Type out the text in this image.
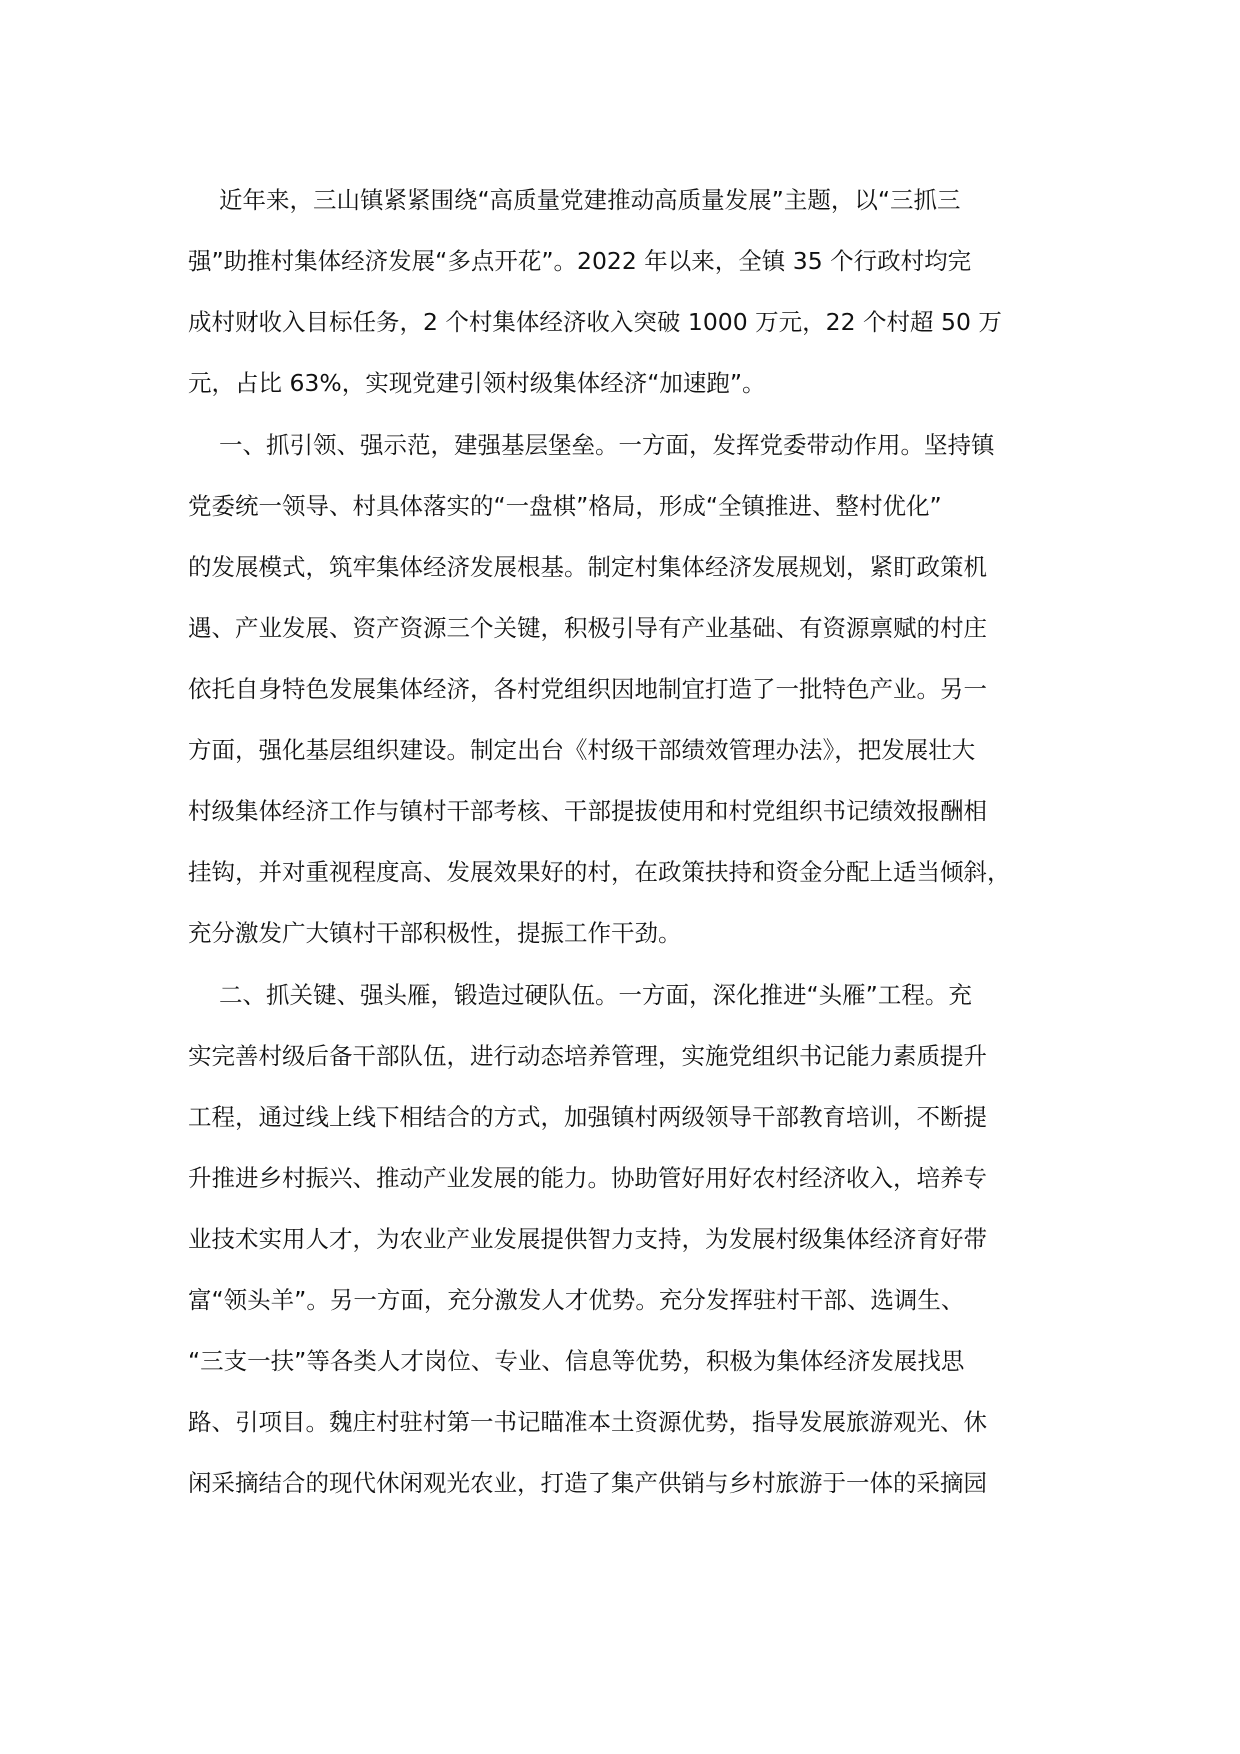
近年来，三山镇紧紧围绕“高质量党建推动高质量发展”主题，以“三抓三
强”助推村集体经济发展“多点开花”。2022 年以来，全镇 35 个行政村均完
成村财收入目标任务，2 个村集体经济收入突破 1000 万元，22 个村超 50 万
元，占比 63%，实现党建引领村级集体经济“加速跑”。
一、抓引领、强示范，建强基层堡垒。一方面，发挥党委带动作用。坚持镇
党委统一领导、村具体落实的“一盘棋”格局，形成“全镇推进、整村优化”
的发展模式，筑牢集体经济发展根基。制定村集体经济发展规划，紧盯政策机
遇、产业发展、资产资源三个关键，积极引导有产业基础、有资源禀赋的村庄
依托自身特色发展集体经济，各村党组织因地制宜打造了一批特色产业。另一
方面，强化基层组织建设。制定出台《村级干部绩效管理办法》，把发展壮大
村级集体经济工作与镇村干部考核、干部提拔使用和村党组织书记绩效报酬相
挂钩，并对重视程度高、发展效果好的村，在政策扶持和资金分配上适当倾斜，
充分激发广大镇村干部积极性，提振工作干劲。
二、抓关键、强头雁，锻造过硬队伍。一方面，深化推进“头雁”工程。充
实完善村级后备干部队伍，进行动态培养管理，实施党组织书记能力素质提升
工程，通过线上线下相结合的方式，加强镇村两级领导干部教育培训，不断提
升推进乡村振兴、推动产业发展的能力。协助管好用好农村经济收入，培养专
业技术实用人才，为农业产业发展提供智力支持，为发展村级集体经济育好带
富“领头羊”。另一方面，充分激发人才优势。充分发挥驻村干部、选调生、
“三支一扶”等各类人才岗位、专业、信息等优势，积极为集体经济发展找思
路、引项目。魏庄村驻村第一书记瞄准本土资源优势，指导发展旅游观光、休
闲采摘结合的现代休闲观光农业，打造了集产供销与乡村旅游于一体的采摘园
